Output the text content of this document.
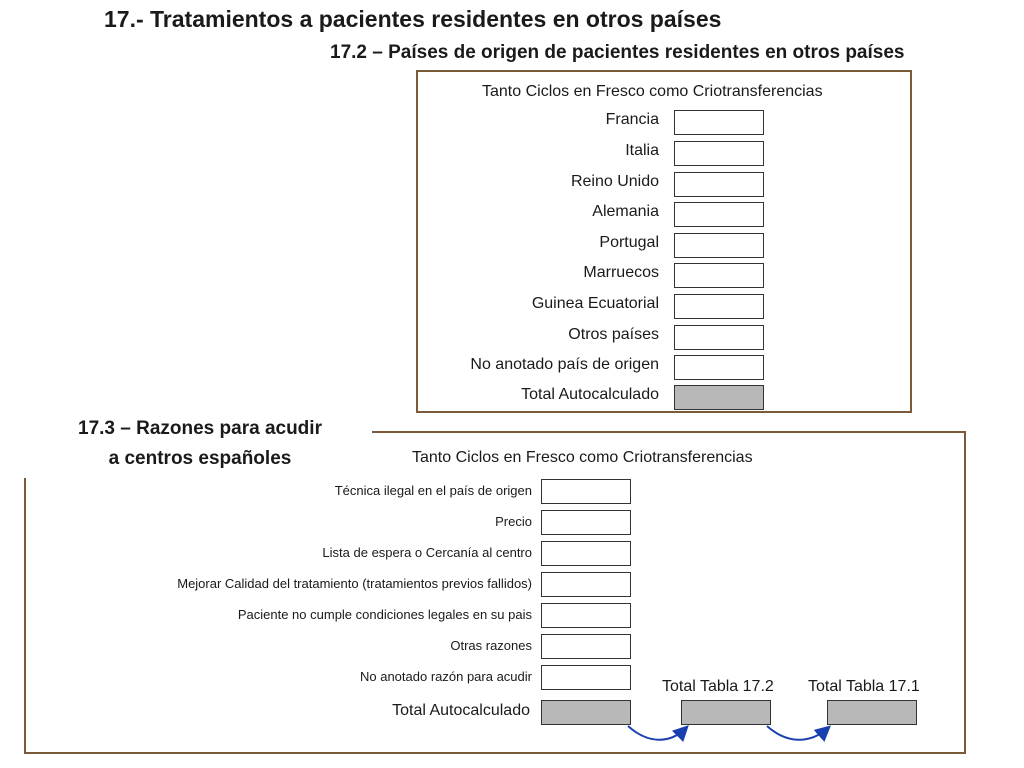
17.- Tratamientos a pacientes residentes en otros países
17.2 – Países de origen de pacientes residentes en otros países
Tanto Ciclos en Fresco como Criotransferencias
Francia
Italia
Reino Unido
Alemania
Portugal
Marruecos
Guinea Ecuatorial
Otros países
No anotado país de origen
Total Autocalculado
17.3 – Razones para acudir
a centros españoles	Tanto Ciclos en Fresco como Criotransferencias
Técnica ilegal en el país de origen
Precio
Lista de espera o Cercanía al centro
Mejorar Calidad del tratamiento (tratamientos previos fallidos)
Paciente no cumple condiciones legales en su pais
Otras razones
No anotado razón para acudir
Total Autocalculado
Total Tabla 17.2 Total Tabla 17.1
